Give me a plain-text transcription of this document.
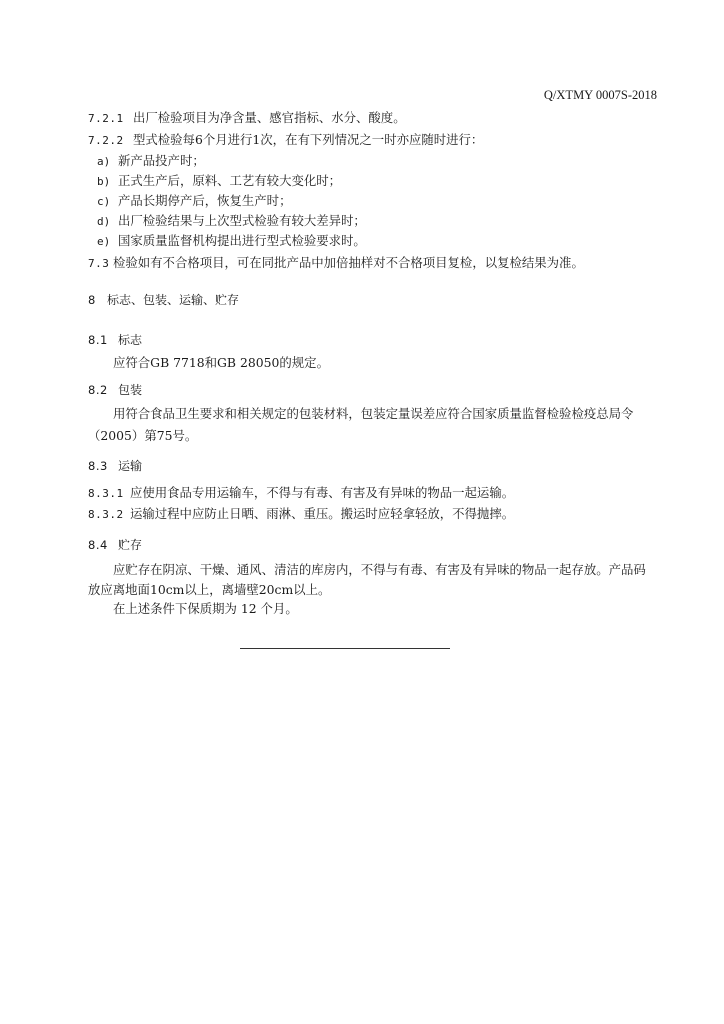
Q/XTMY 0007S-2018
7.2.1 出厂检验项目为净含量、感官指标、水分、酸度。
7.2.2 型式检验每6个月进行1次，在有下列情况之一时亦应随时进行：
a) 新产品投产时；
b) 正式生产后，原料、工艺有较大变化时；
c) 产品长期停产后，恢复生产时；
d) 出厂检验结果与上次型式检验有较大差异时；
e) 国家质量监督机构提出进行型式检验要求时。
7.3 检验如有不合格项目，可在同批产品中加倍抽样对不合格项目复检，以复检结果为准。
8 标志、包装、运输、贮存
8.1 标志
应符合GB 7718和GB 28050的规定。
8.2 包装
用符合食品卫生要求和相关规定的包装材料，包装定量误差应符合国家质量监督检验检疫总局令
（2005）第75号。
8.3 运输
8.3.1 应使用食品专用运输车，不得与有毒、有害及有异味的物品一起运输。
8.3.2 运输过程中应防止日晒、雨淋、重压。搬运时应轻拿轻放，不得抛摔。
8.4 贮存
应贮存在阴凉、干燥、通风、清洁的库房内，不得与有毒、有害及有异味的物品一起存放。产品码
放应离地面10cm以上，离墙壁20cm以上。
在上述条件下保质期为 12 个月。
